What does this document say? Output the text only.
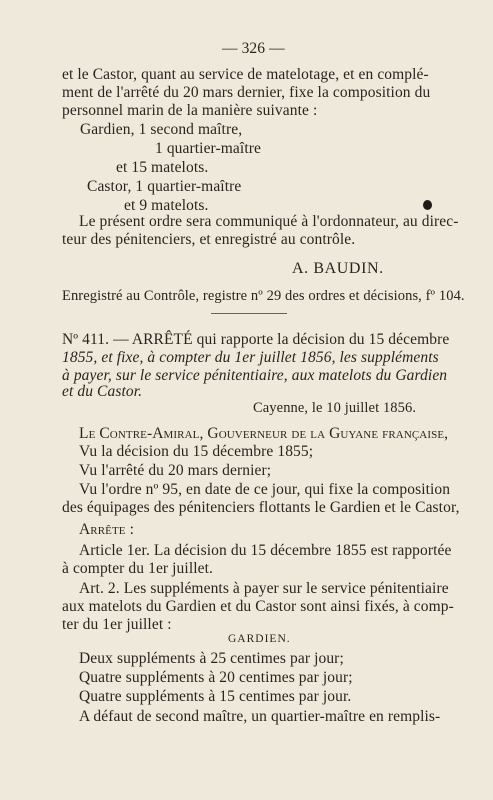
— 326 —
et le Castor, quant au service de matelotage, et en complé-
ment de l'arrêté du 20 mars dernier, fixe la composition du
personnel marin de la manière suivante :
Gardien, 1 second maître,
1 quartier-maître
et 15 matelots.
Castor, 1 quartier-maître
et 9 matelots.
Le présent ordre sera communiqué à l'ordonnateur, au direc-
teur des pénitenciers, et enregistré au contrôle.
A. BAUDIN.
Enregistré au Contrôle, registre nº 29 des ordres et décisions, fº 104.
Nº 411. — ARRÊTÉ qui rapporte la décision du 15 décembre
1855, et fixe, à compter du 1er juillet 1856, les suppléments
à payer, sur le service pénitentiaire, aux matelots du Gardien
et du Castor.
Cayenne, le 10 juillet 1856.
Le Contre-Amiral, Gouverneur de la Guyane française,
Vu la décision du 15 décembre 1855;
Vu l'arrêté du 20 mars dernier;
Vu l'ordre nº 95, en date de ce jour, qui fixe la composition
des équipages des pénitenciers flottants le Gardien et le Castor,
Arrête :
Article 1er. La décision du 15 décembre 1855 est rapportée
à compter du 1er juillet.
Art. 2. Les suppléments à payer sur le service pénitentiaire
aux matelots du Gardien et du Castor sont ainsi fixés, à comp-
ter du 1er juillet :
GARDIEN.
Deux suppléments à 25 centimes par jour;
Quatre suppléments à 20 centimes par jour;
Quatre suppléments à 15 centimes par jour.
A défaut de second maître, un quartier-maître en remplis-
